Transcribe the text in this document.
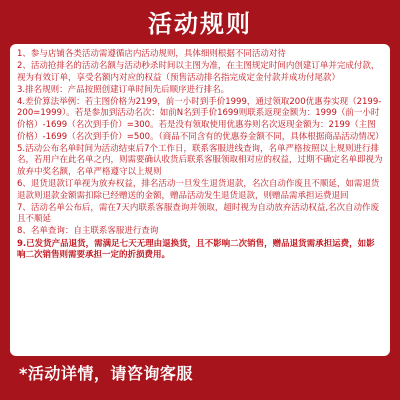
活动规则

1、参与店铺各类活动需遵循店内活动规则，具体细则根据不同活动对待

2、活动抢排名的活动名额与活动秒杀时间以主图为准，在主图规定时间内创建订单并完成付款，视为有效订单，享受名额内对应的权益（预售活动排名指完成定金付款并成功付尾款）

3.排名规则：产品按照创建订单时间先后顺序进行排名。

4.差价算法举例：若主图价格为2199，前一小时到手价1999，通过领取200优惠券实现（2199-200=1999）。若是参加到活动名次：如前N名到手价1699则联系返现金额为：1999（前一小时价格）-1699（名次到手价）=300。若是没有领取使用优惠券则名次返现金额为：2199（主图价格）-1699（名次到手价）=500。（商品不同含有的优惠券金额不同，具体根据商品活动情况）

5.活动公布名单时间为活动结束后7个工作日，联系客服进线查询，名单严格按照以上规则进行排名，若用户在此名单之内，则需要确认收货后联系客服领取相对应的权益，过期不确定名单即视为放弃中奖名额，名单严格遵守以上规则

6、退货退款订单视为放弃权益，排名活动一旦发生退货退款，名次自动作废且不顺延，如需退货退款则退款金额需扣除已经赠送的金额，赠品活动发生退货退款，则赠品需承担运费退回

7、活动名单公布后，需在7天内联系客服查询并领取，超时视为自动放弃活动权益,名次自动作废且不顺延

8、名单查询：自主联系客服进行查询

9.已发货产品退货，需满足七天无理由退换货，且不影响二次销售，赠品退货需承担运费，如影响二次销售则需要承担一定的折损费用。

*活动详情，请咨询客服
